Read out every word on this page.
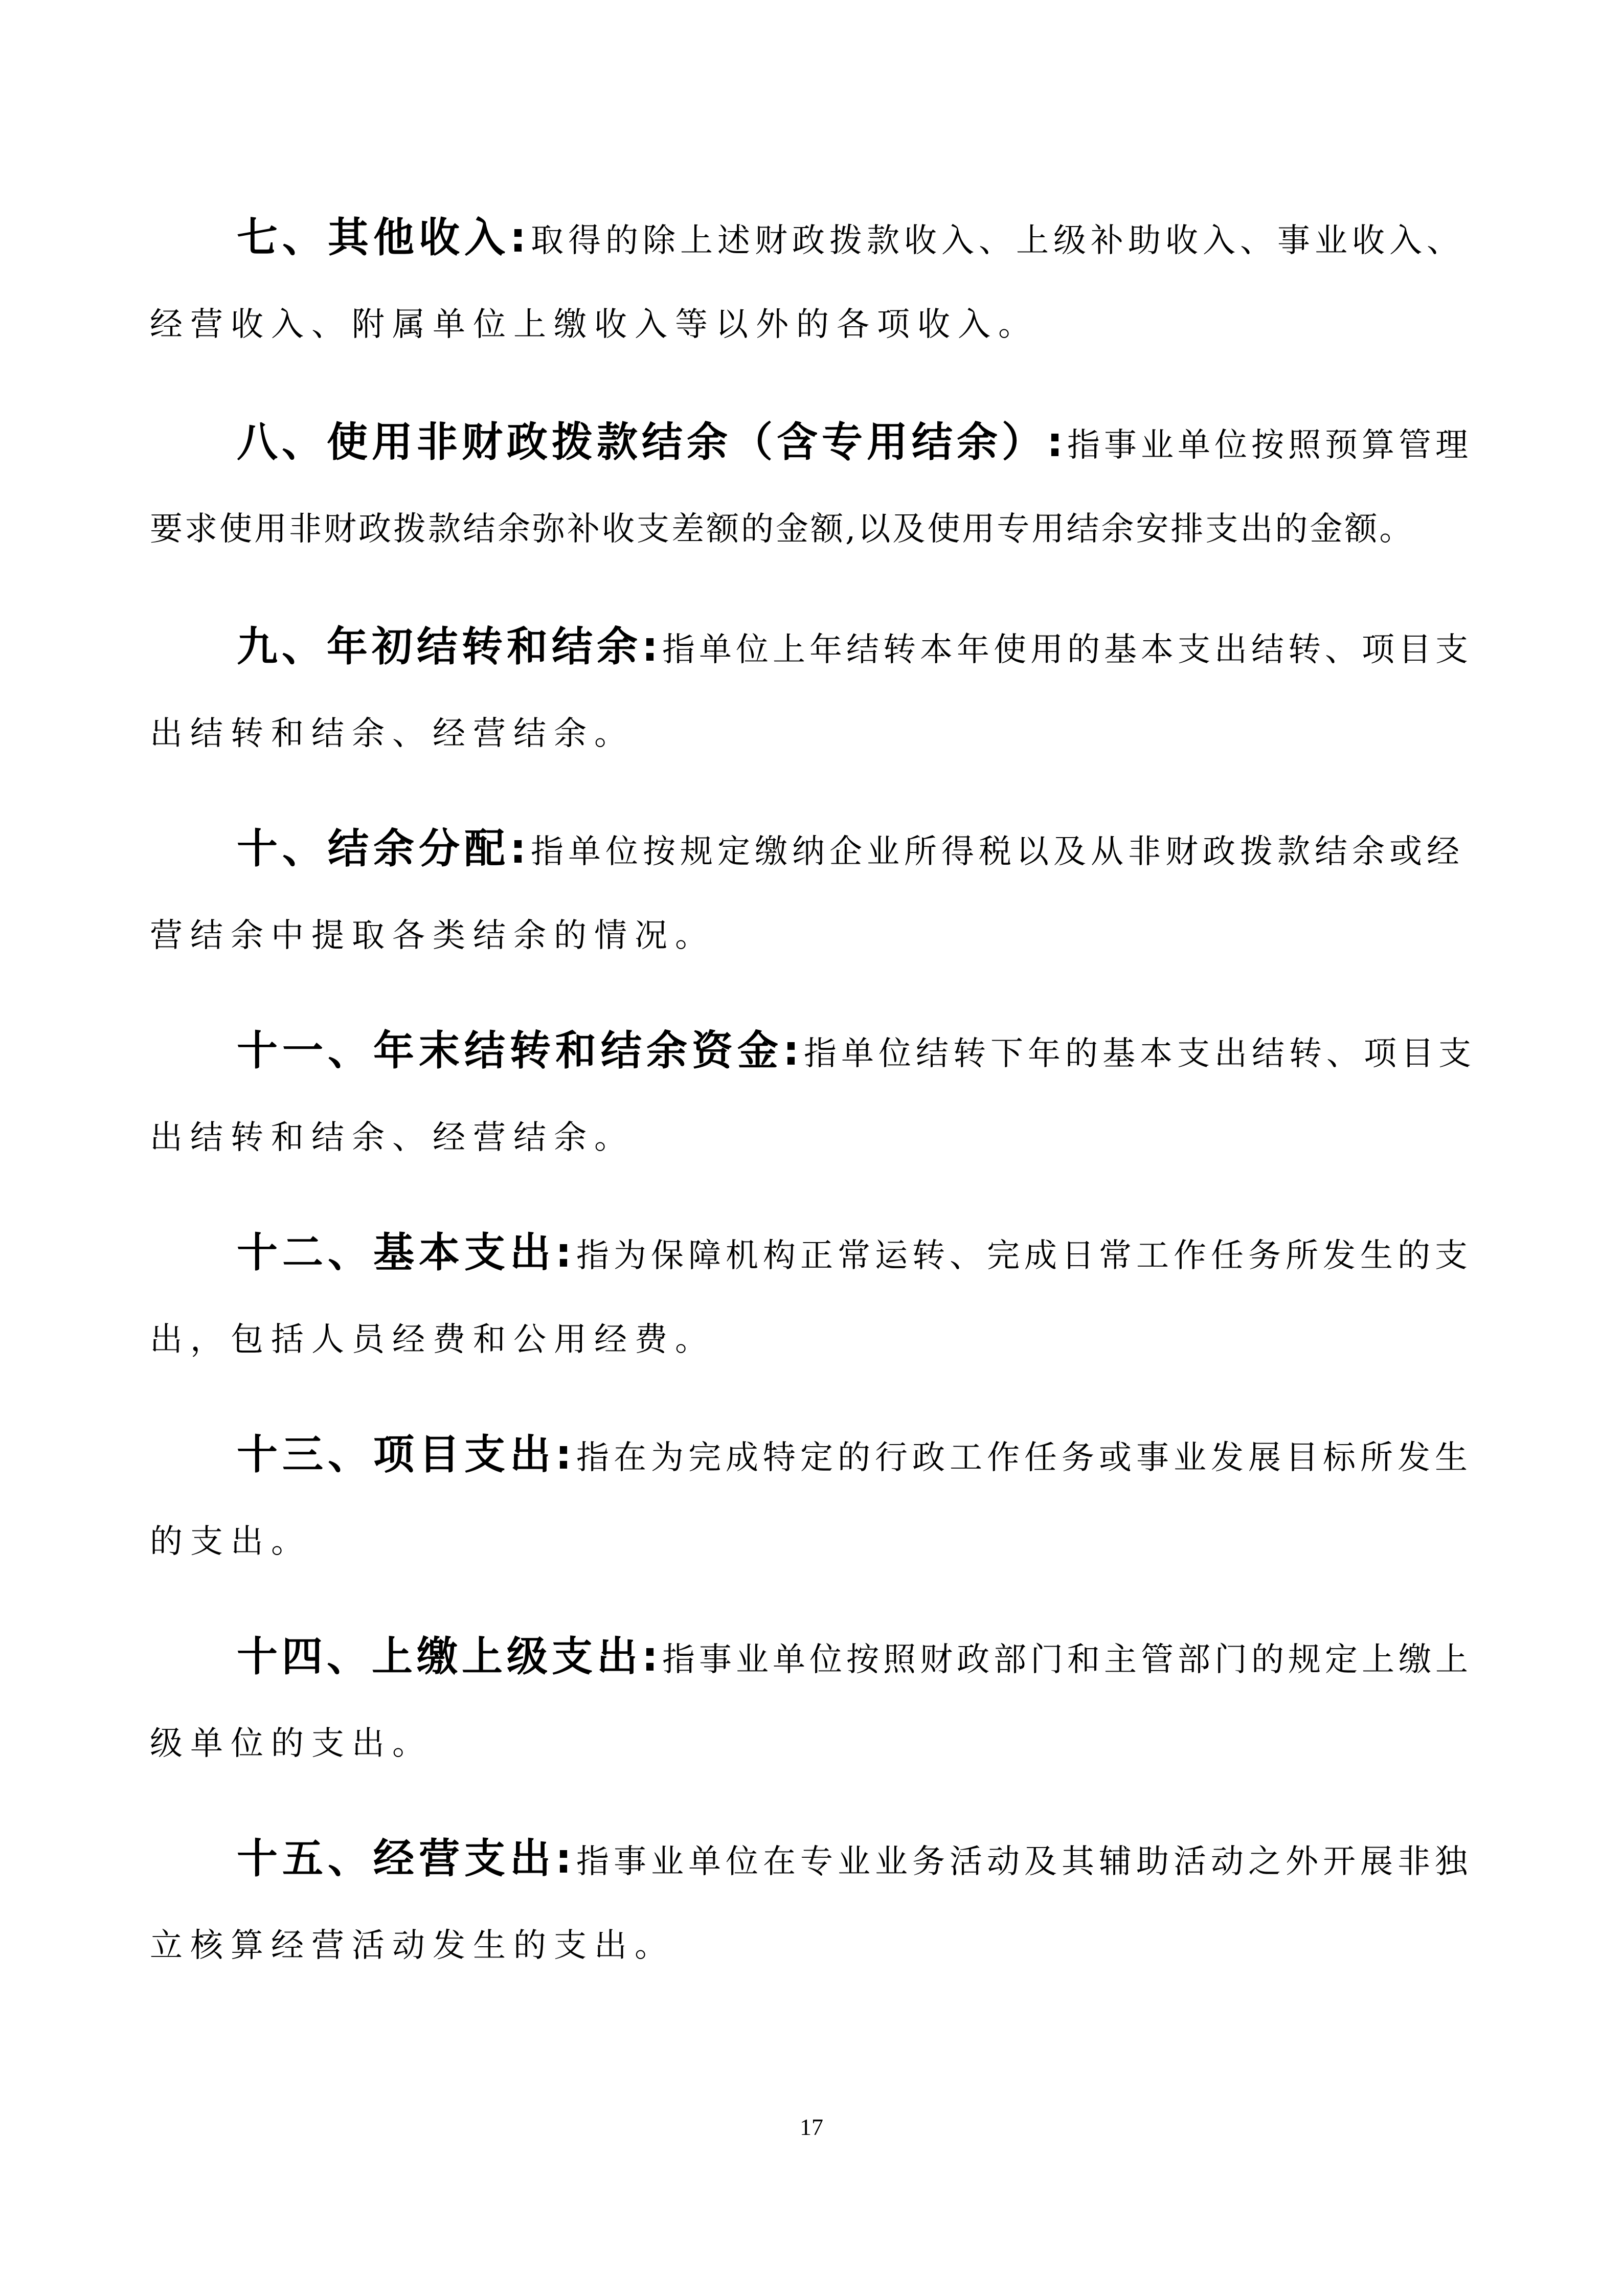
七、其他收入:取得的除上述财政拨款收入、上级补助收入、事业收入、
经营收入、附属单位上缴收入等以外的各项收入。
八、使用非财政拨款结余（含专用结余）:指事业单位按照预算管理
要求使用非财政拨款结余弥补收支差额的金额,以及使用专用结余安排支出的金额。
九、年初结转和结余:指单位上年结转本年使用的基本支出结转、项目支
出结转和结余、经营结余。
十、结余分配:指单位按规定缴纳企业所得税以及从非财政拨款结余或经
营结余中提取各类结余的情况。
十一、年末结转和结余资金:指单位结转下年的基本支出结转、项目支
出结转和结余、经营结余。
十二、基本支出:指为保障机构正常运转、完成日常工作任务所发生的支
出，包括人员经费和公用经费。
十三、项目支出:指在为完成特定的行政工作任务或事业发展目标所发生
的支出。
十四、上缴上级支出:指事业单位按照财政部门和主管部门的规定上缴上
级单位的支出。
十五、经营支出:指事业单位在专业业务活动及其辅助活动之外开展非独
立核算经营活动发生的支出。
17
